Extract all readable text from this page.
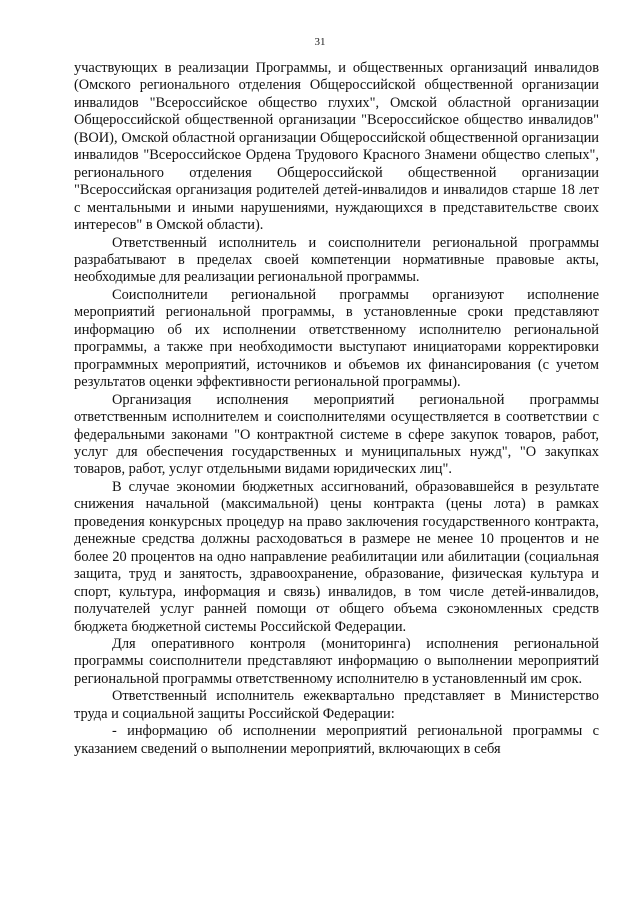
31

участвующих в реализации Программы, и общественных организаций инвалидов (Омского регионального отделения Общероссийской общественной организации инвалидов "Всероссийское общество глухих", Омской областной организации Общероссийской общественной организации "Всероссийское общество инвалидов" (ВОИ), Омской областной организации Общероссийской общественной организации инвалидов "Всероссийское Ордена Трудового Красного Знамени общество слепых", регионального отделения Общероссийской общественной организации "Всероссийская организация родителей детей-инвалидов и инвалидов старше 18 лет с ментальными и иными нарушениями, нуждающихся в представительстве своих интересов" в Омской области).

Ответственный исполнитель и соисполнители региональной программы разрабатывают в пределах своей компетенции нормативные правовые акты, необходимые для реализации региональной программы.

Соисполнители региональной программы организуют исполнение мероприятий региональной программы, в установленные сроки представляют информацию об их исполнении ответственному исполнителю региональной программы, а также при необходимости выступают инициаторами корректировки программных мероприятий, источников и объемов их финансирования (с учетом результатов оценки эффективности региональной программы).

Организация исполнения мероприятий региональной программы ответственным исполнителем и соисполнителями осуществляется в соответствии с федеральными законами "О контрактной системе в сфере закупок товаров, работ, услуг для обеспечения государственных и муниципальных нужд", "О закупках товаров, работ, услуг отдельными видами юридических лиц".

В случае экономии бюджетных ассигнований, образовавшейся в результате снижения начальной (максимальной) цены контракта (цены лота) в рамках проведения конкурсных процедур на право заключения государственного контракта, денежные средства должны расходоваться в размере не менее 10 процентов и не более 20 процентов на одно направление реабилитации или абилитации (социальная защита, труд и занятость, здравоохранение, образование, физическая культура и спорт, культура, информация и связь) инвалидов, в том числе детей-инвалидов, получателей услуг ранней помощи от общего объема сэкономленных средств бюджета бюджетной системы Российской Федерации.

Для оперативного контроля (мониторинга) исполнения региональной программы соисполнители представляют информацию о выполнении мероприятий региональной программы ответственному исполнителю в установленный им срок.

Ответственный исполнитель ежеквартально представляет в Министерство труда и социальной защиты Российской Федерации:

- информацию об исполнении мероприятий региональной программы с указанием сведений о выполнении мероприятий, включающих в себя
